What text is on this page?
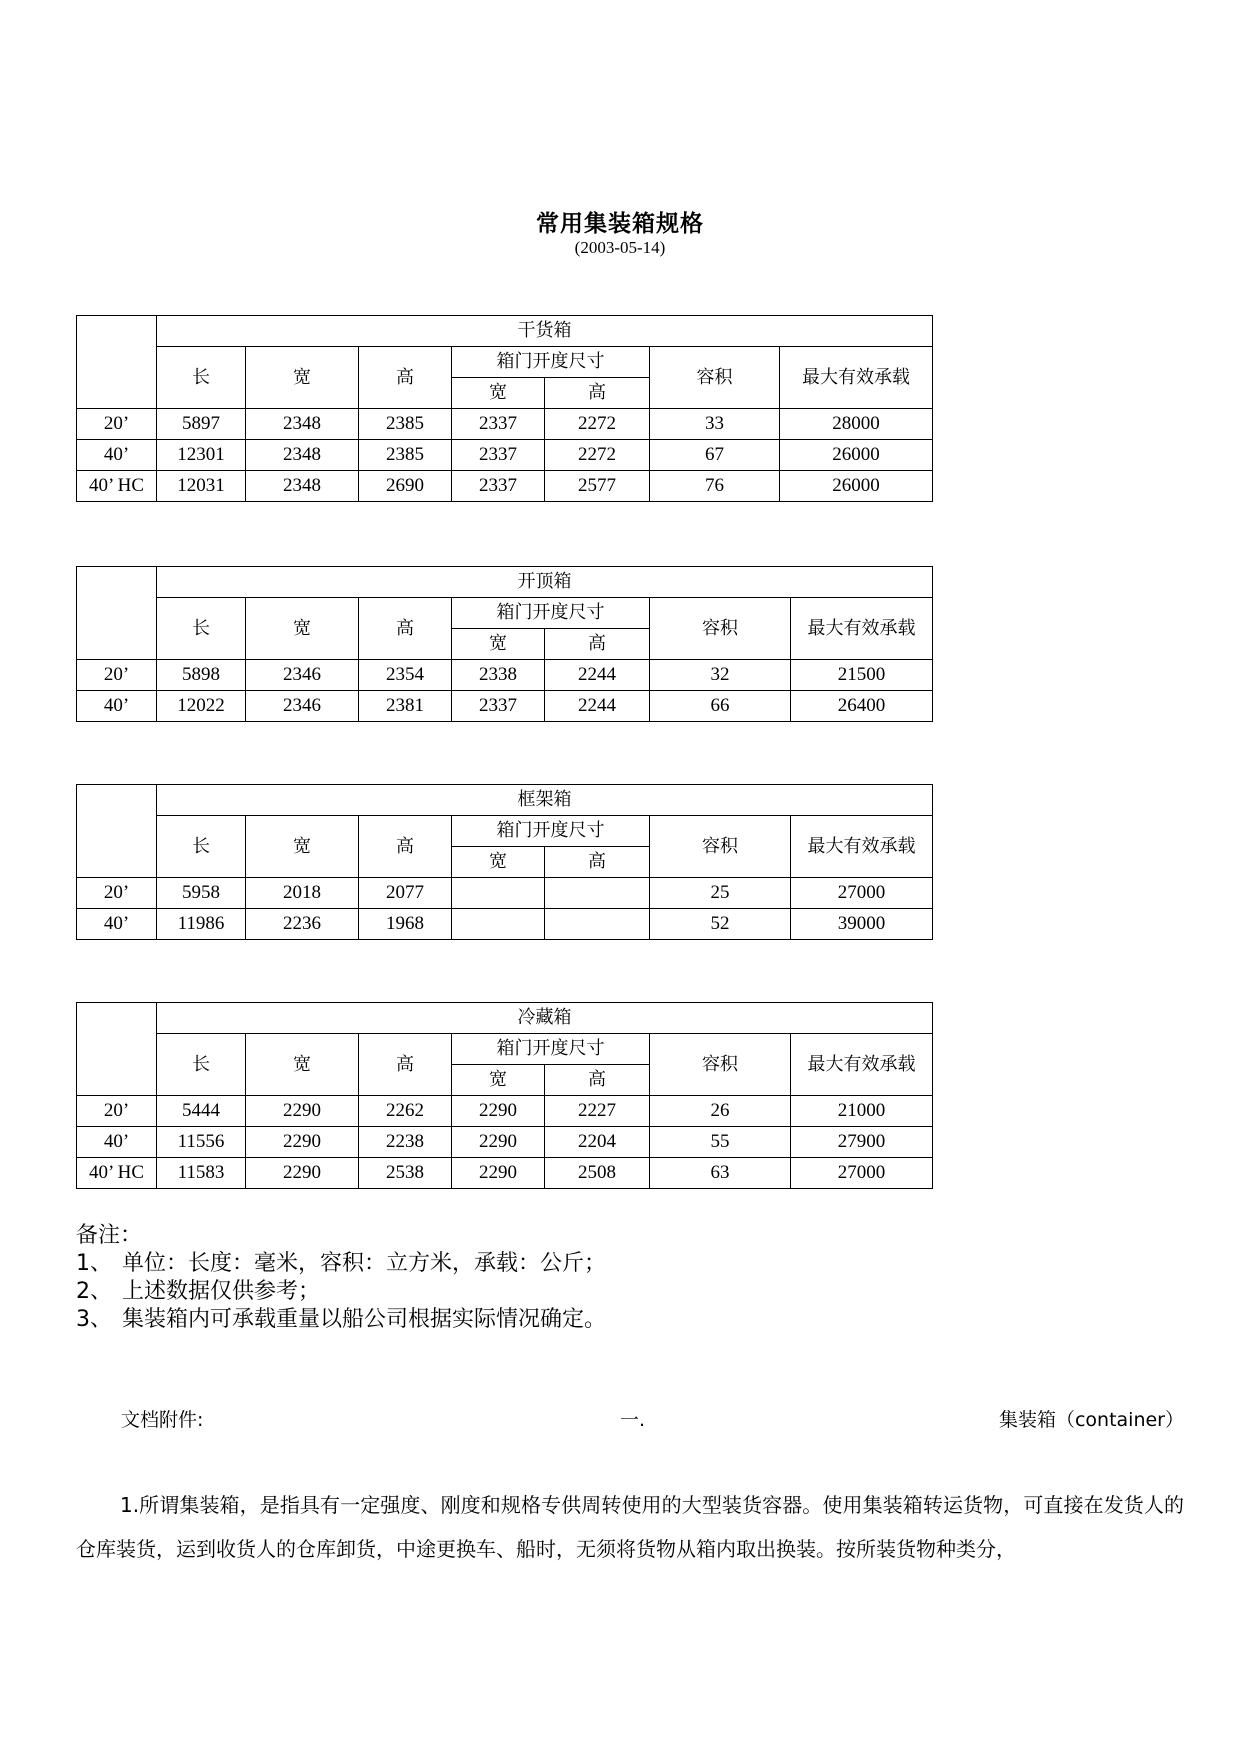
常用集装箱规格
(2003-05-14)
	干货箱						
	长	宽	高	箱门开度尺寸		容积	最大有效承载
				宽	高		
20’	5897	2348	2385	2337	2272	33	28000
40’	12301	2348	2385	2337	2272	67	26000
40’ HC	12031	2348	2690	2337	2577	76	26000
	开顶箱						
	长	宽	高	箱门开度尺寸		容积	最大有效承载
				宽	高		
20’	5898	2346	2354	2338	2244	32	21500
40’	12022	2346	2381	2337	2244	66	26400
	框架箱						
	长	宽	高	箱门开度尺寸		容积	最大有效承载
				宽	高		
20’	5958	2018	2077			25	27000
40’	11986	2236	1968			52	39000
	冷藏箱						
	长	宽	高	箱门开度尺寸		容积	最大有效承载
				宽	高		
20’	5444	2290	2262	2290	2227	26	21000
40’	11556	2290	2238	2290	2204	55	27900
40’ HC	11583	2290	2538	2290	2508	63	27000
备注：
1、 单位：长度：毫米，容积：立方米，承载：公斤；
2、 上述数据仅供参考；
3、 集装箱内可承载重量以船公司根据实际情况确定。
文档附件:	一.	集装箱（container）
1.所谓集装箱，是指具有一定强度、刚度和规格专供周转使用的大型装货容器。使用集装箱转运货物，可直接在发货人的仓库装货，运到收货人的仓库卸货，中途更换车、船时，无须将货物从箱内取出换装。按所装货物种类分，
